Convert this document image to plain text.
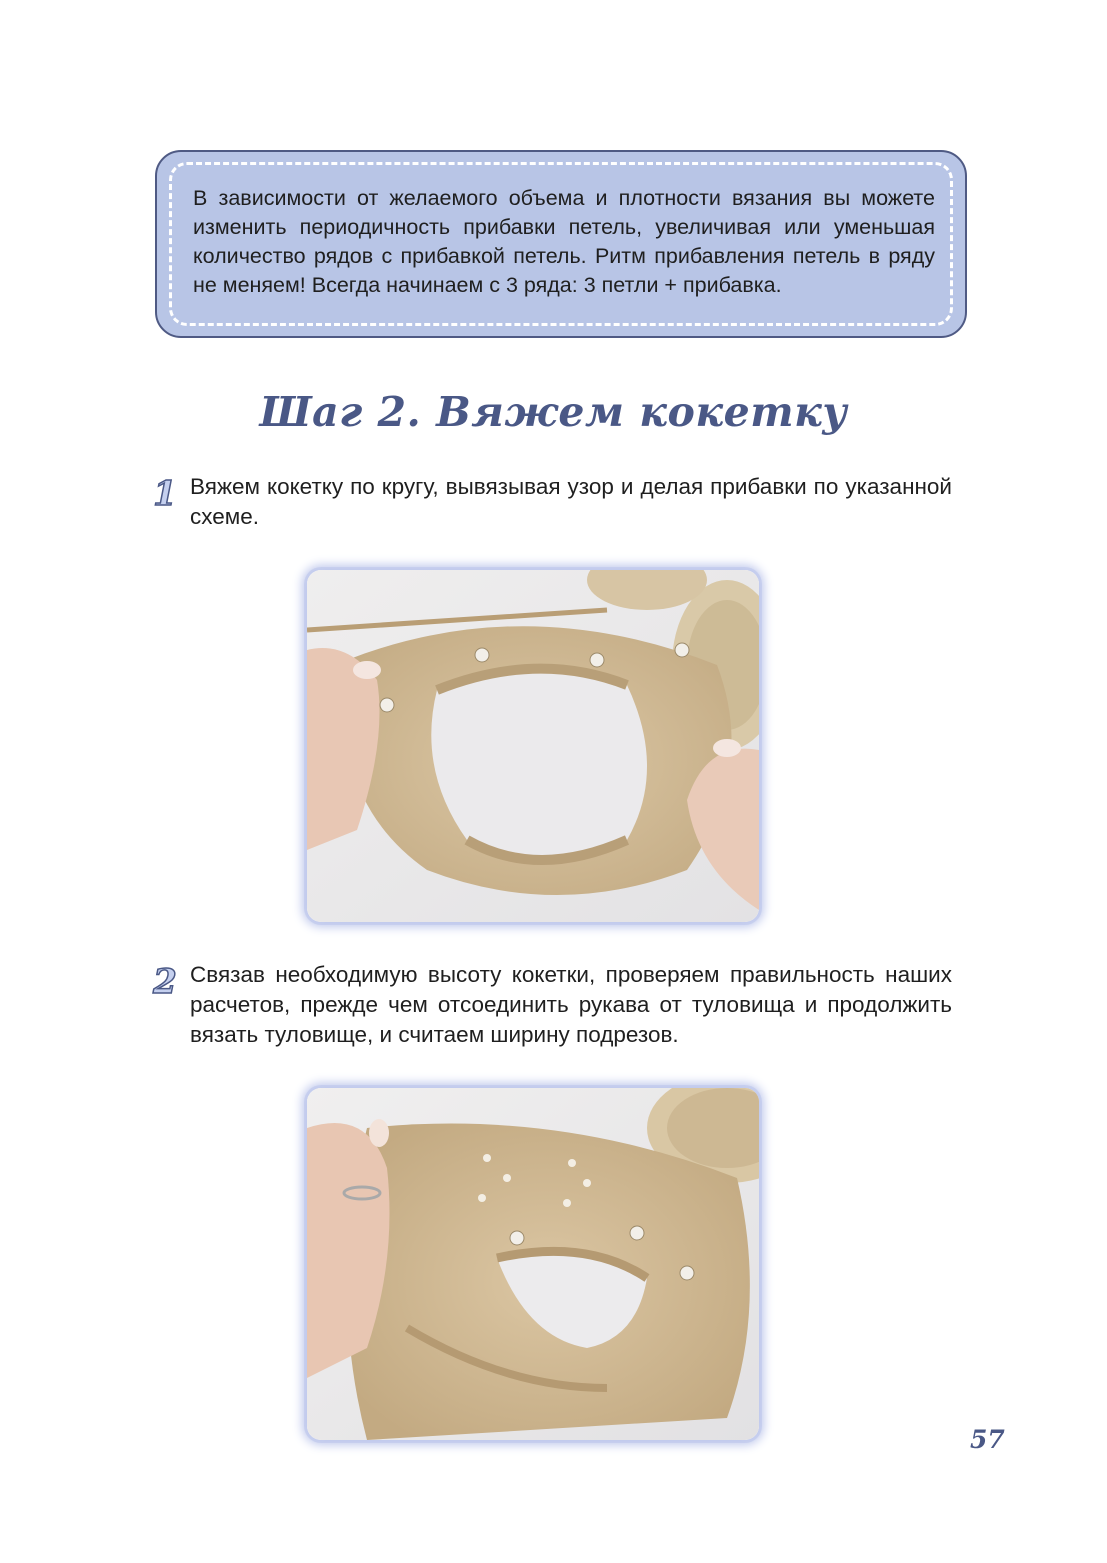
В зависимости от желаемого объема и плотности вязания вы можете изменить периодичность прибавки петель, увеличивая или уменьшая количество рядов с прибавкой петель. Ритм прибавления петель в ряду не меняем! Всегда начинаем с 3 ряда: 3 петли + прибавка.
Шаг 2. Вяжем кокетку
1 Вяжем кокетку по кругу, вывязывая узор и делая прибавки по указанной схеме.
2 Связав необходимую высоту кокетки, проверяем правильность наших расчетов, прежде чем отсоединить рукава от туловища и продолжить вязать туловище, и считаем ширину подрезов.
57
